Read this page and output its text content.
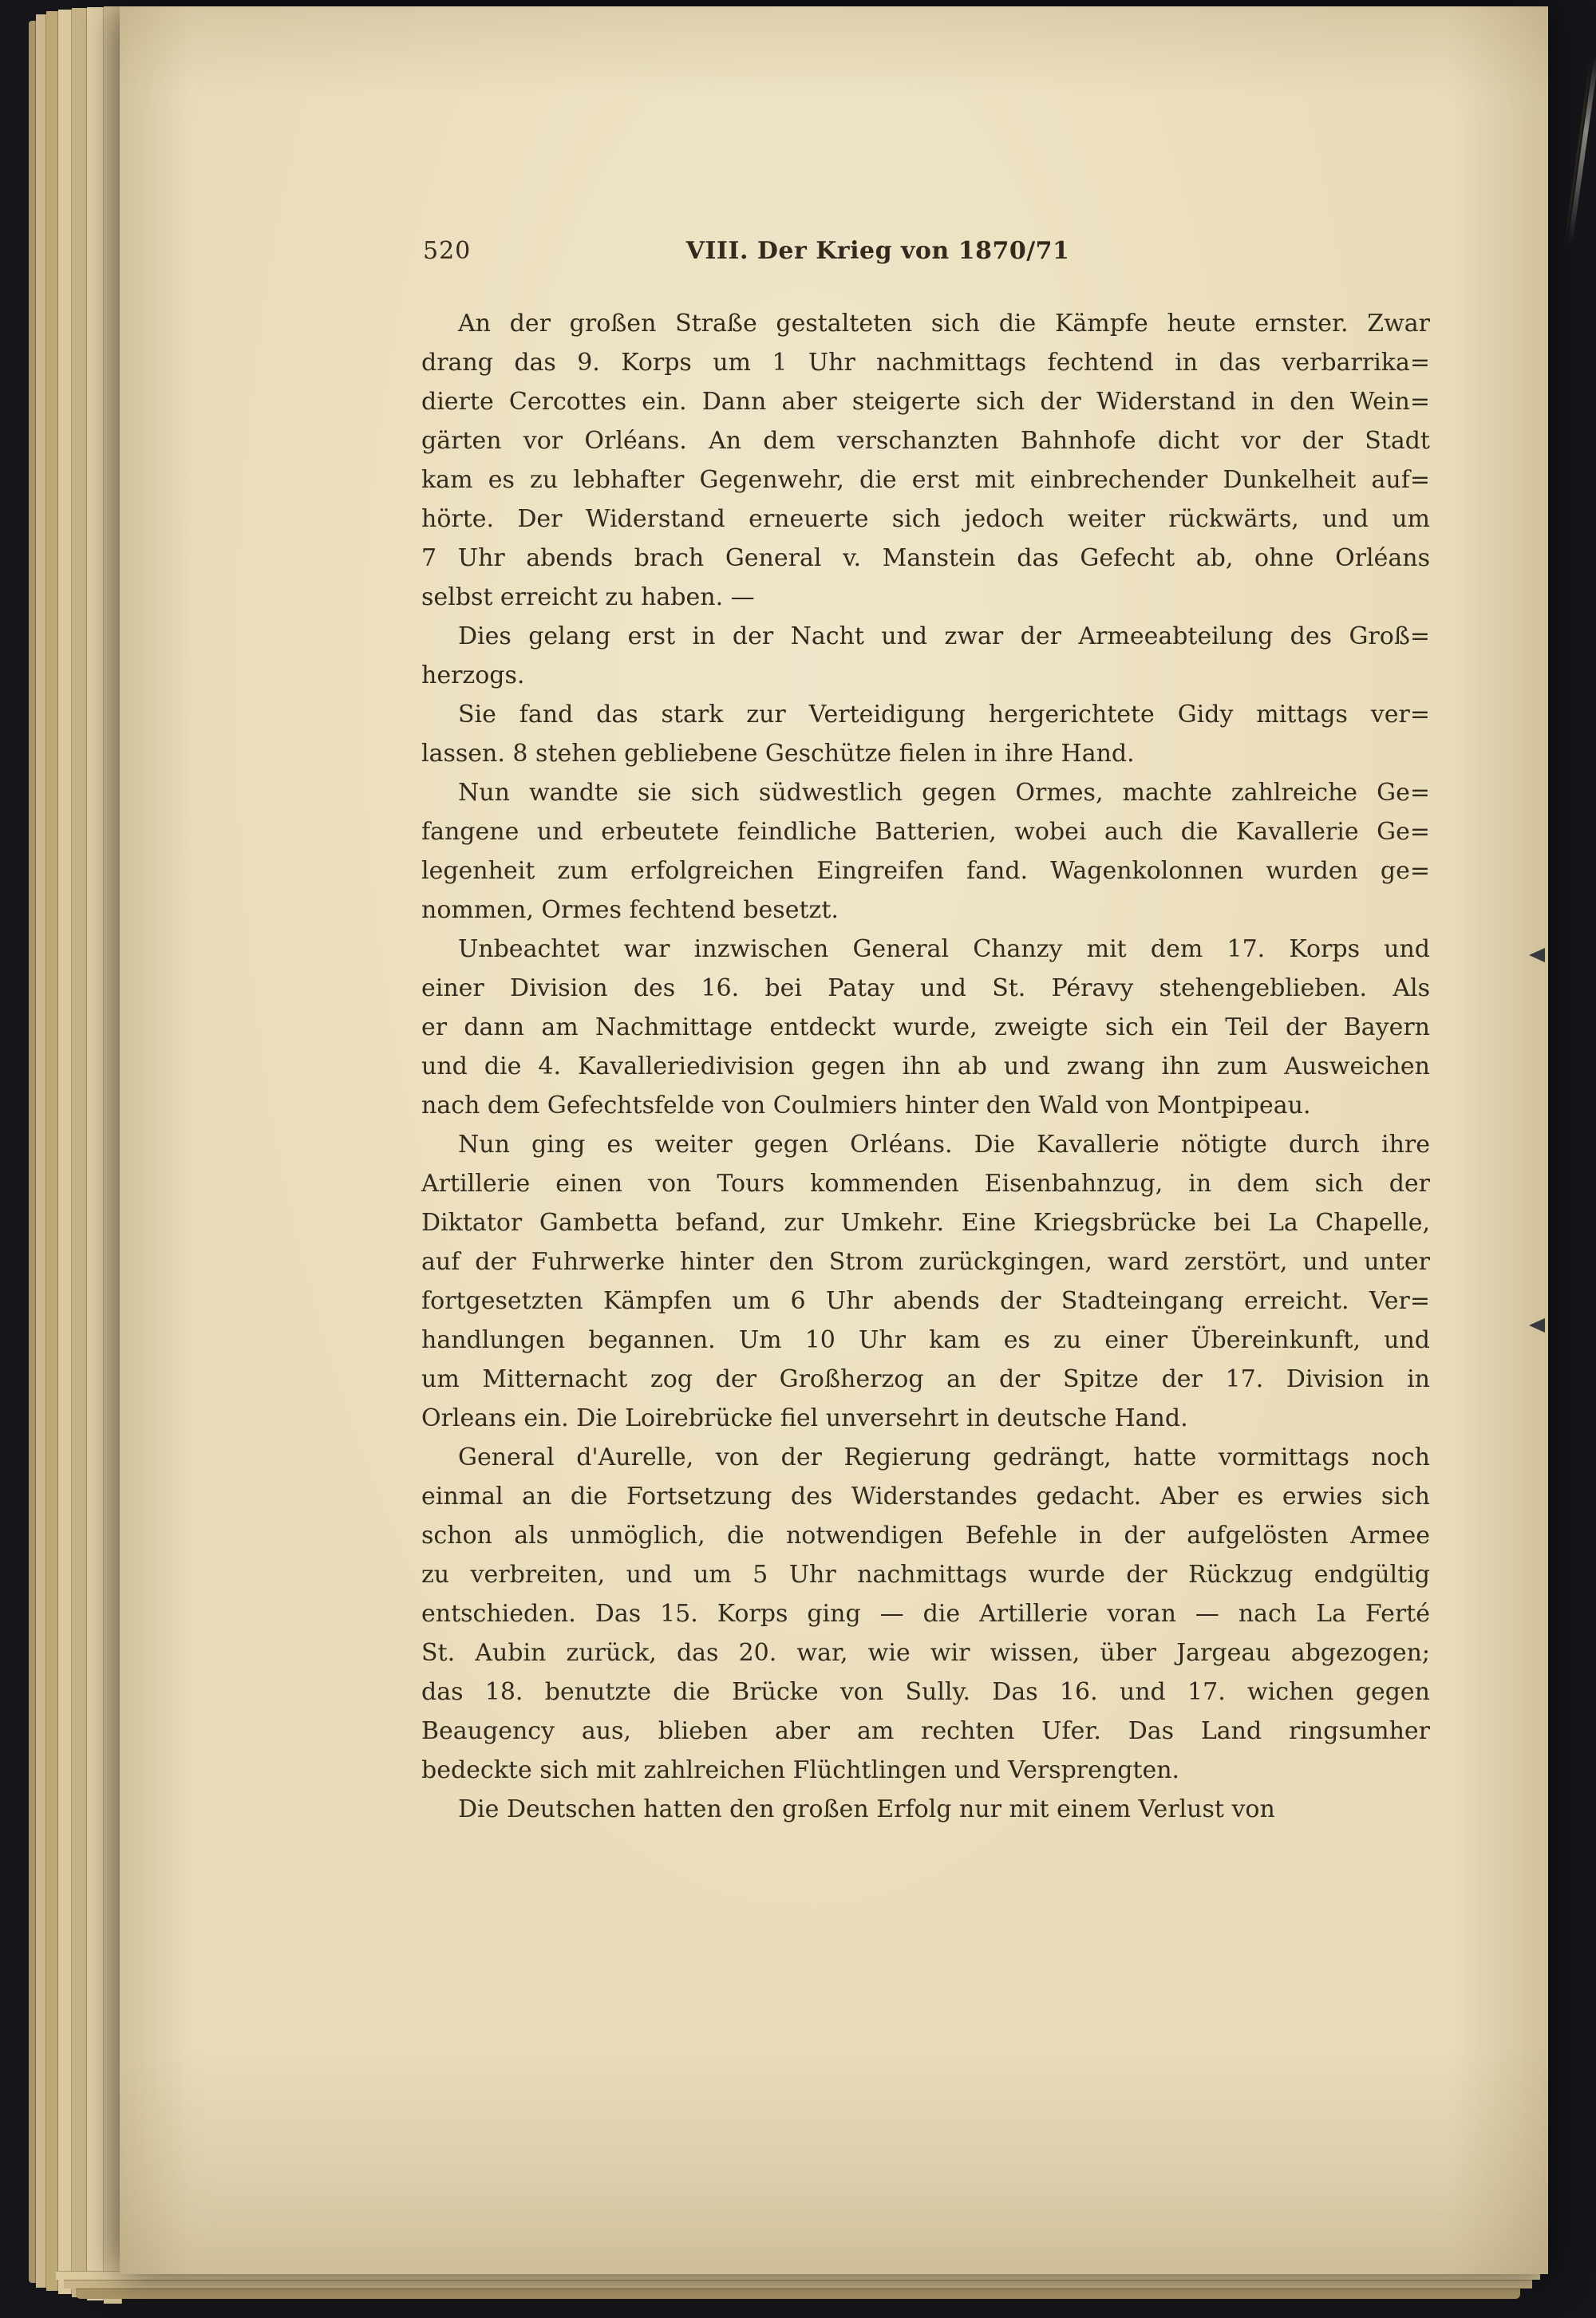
520	VIII. Der Krieg von 1870/71
An der großen Straße gestalteten sich die Kämpfe heute ernster. Zwar
drang das 9. Korps um 1 Uhr nachmittags fechtend in das verbarrika=
dierte Cercottes ein. Dann aber steigerte sich der Widerstand in den Wein=
gärten vor Orléans. An dem verschanzten Bahnhofe dicht vor der Stadt
kam es zu lebhafter Gegenwehr, die erst mit einbrechender Dunkelheit auf=
hörte. Der Widerstand erneuerte sich jedoch weiter rückwärts, und um
7 Uhr abends brach General v. Manstein das Gefecht ab, ohne Orléans
selbst erreicht zu haben. —
Dies gelang erst in der Nacht und zwar der Armeeabteilung des Groß=
herzogs.
Sie fand das stark zur Verteidigung hergerichtete Gidy mittags ver=
lassen. 8 stehen gebliebene Geschütze fielen in ihre Hand.
Nun wandte sie sich südwestlich gegen Ormes, machte zahlreiche Ge=
fangene und erbeutete feindliche Batterien, wobei auch die Kavallerie Ge=
legenheit zum erfolgreichen Eingreifen fand. Wagenkolonnen wurden ge=
nommen, Ormes fechtend besetzt.
Unbeachtet war inzwischen General Chanzy mit dem 17. Korps und
einer Division des 16. bei Patay und St. Péravy stehengeblieben. Als
er dann am Nachmittage entdeckt wurde, zweigte sich ein Teil der Bayern
und die 4. Kavalleriedivision gegen ihn ab und zwang ihn zum Ausweichen
nach dem Gefechtsfelde von Coulmiers hinter den Wald von Montpipeau.
Nun ging es weiter gegen Orléans. Die Kavallerie nötigte durch ihre
Artillerie einen von Tours kommenden Eisenbahnzug, in dem sich der
Diktator Gambetta befand, zur Umkehr. Eine Kriegsbrücke bei La Chapelle,
auf der Fuhrwerke hinter den Strom zurückgingen, ward zerstört, und unter
fortgesetzten Kämpfen um 6 Uhr abends der Stadteingang erreicht. Ver=
handlungen begannen. Um 10 Uhr kam es zu einer Übereinkunft, und
um Mitternacht zog der Großherzog an der Spitze der 17. Division in
Orleans ein. Die Loirebrücke fiel unversehrt in deutsche Hand.
General d'Aurelle, von der Regierung gedrängt, hatte vormittags noch
einmal an die Fortsetzung des Widerstandes gedacht. Aber es erwies sich
schon als unmöglich, die notwendigen Befehle in der aufgelösten Armee
zu verbreiten, und um 5 Uhr nachmittags wurde der Rückzug endgültig
entschieden. Das 15. Korps ging — die Artillerie voran — nach La Ferté
St. Aubin zurück, das 20. war, wie wir wissen, über Jargeau abgezogen;
das 18. benutzte die Brücke von Sully. Das 16. und 17. wichen gegen
Beaugency aus, blieben aber am rechten Ufer. Das Land ringsumher
bedeckte sich mit zahlreichen Flüchtlingen und Versprengten.
Die Deutschen hatten den großen Erfolg nur mit einem Verlust von
